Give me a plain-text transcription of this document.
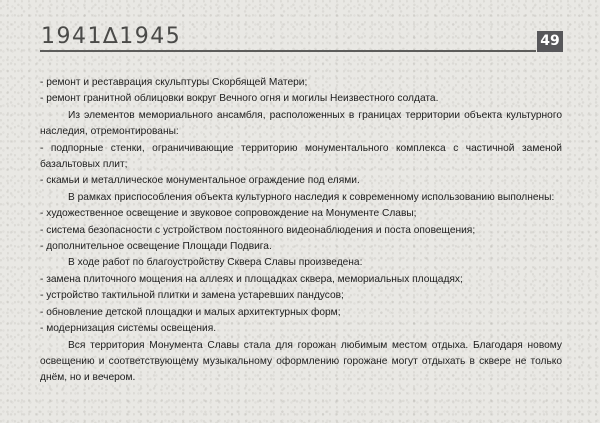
1941∆1945	49

- ремонт и реставрация скульптуры Скорбящей Матери;

- ремонт гранитной облицовки вокруг Вечного огня и могилы Неизвестного солдата.

Из элементов мемориального ансамбля, расположенных в границах территории объекта культурного наследия, отремонтированы:

- подпорные стенки, ограничивающие территорию монументального комплекса с частичной заменой базальтовых плит;

- скамьи и металлическое монументальное ограждение под елями.

В рамках приспособления объекта культурного наследия к современному использованию выполнены:

- художественное освещение и звуковое сопровождение на Монументе Славы;

- система безопасности с устройством постоянного видеонаблюдения и поста оповещения;

- дополнительное освещение Площади Подвига.

В ходе работ по благоустройству Сквера Славы произведена:

- замена плиточного мощения на аллеях и площадках сквера, мемориальных площадях;

- устройство тактильной плитки и замена устаревших пандусов;

- обновление детской площадки и малых архитектурных форм;

- модернизация системы освещения.

Вся территория Монумента Славы стала для горожан любимым местом отдыха. Благодаря новому освещению и соответствующему музыкальному оформлению горожане могут отдыхать в сквере не только днём, но и вечером.
